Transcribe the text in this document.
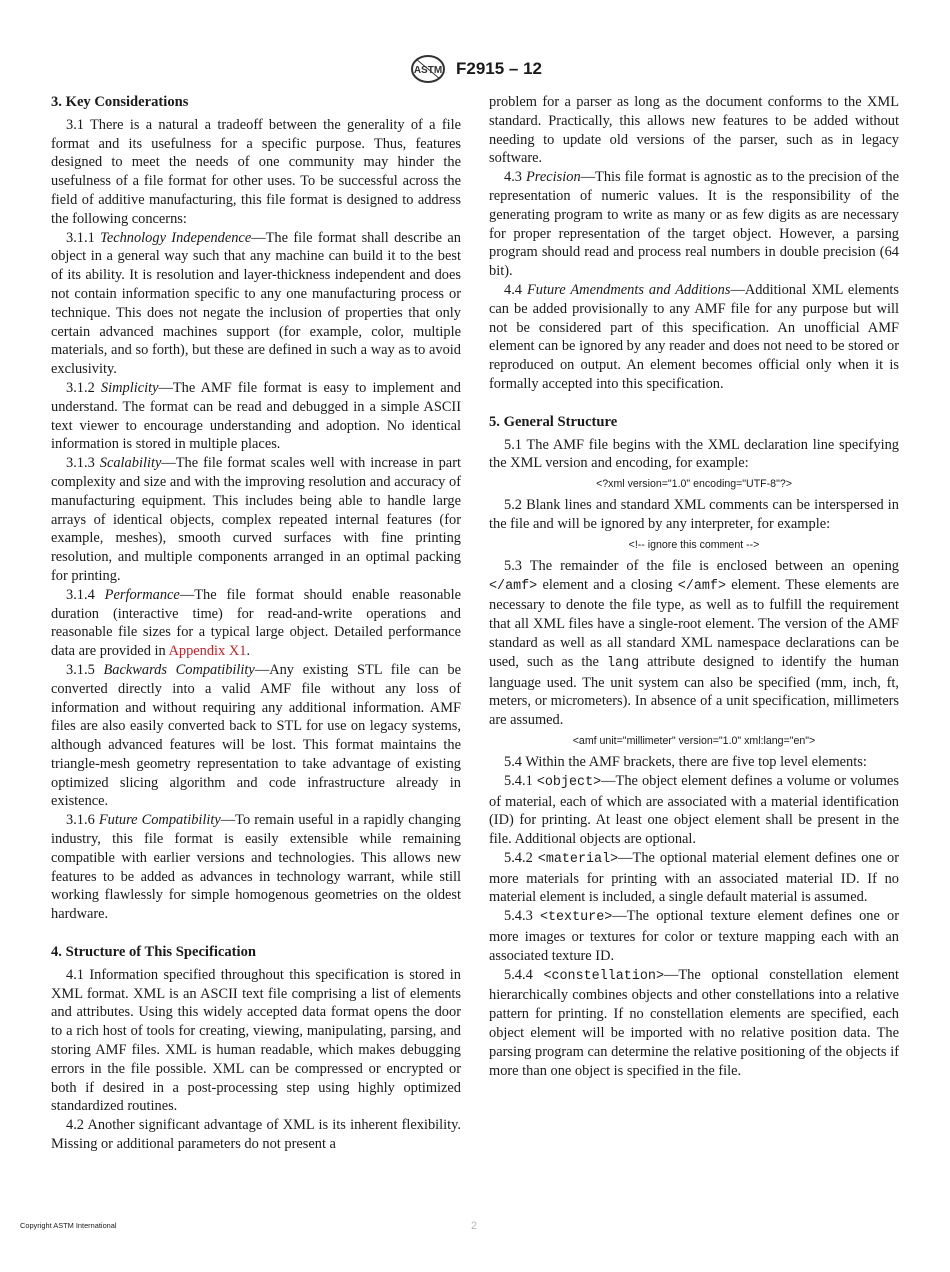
ASTM F2915 – 12
3. Key Considerations

3.1 There is a natural a tradeoff between the generality of a file format and its usefulness for a specific purpose. Thus, features designed to meet the needs of one community may hinder the usefulness of a file format for other uses. To be successful across the field of additive manufacturing, this file format is designed to address the following concerns:

3.1.1 Technology Independence—The file format shall describe an object in a general way such that any machine can build it to the best of its ability. It is resolution and layer-thickness independent and does not contain information specific to any one manufacturing process or technique. This does not negate the inclusion of properties that only certain advanced machines support (for example, color, multiple materials, and so forth), but these are defined in such a way as to avoid exclusivity.

3.1.2 Simplicity—The AMF file format is easy to implement and understand. The format can be read and debugged in a simple ASCII text viewer to encourage understanding and adoption. No identical information is stored in multiple places.

3.1.3 Scalability—The file format scales well with increase in part complexity and size and with the improving resolution and accuracy of manufacturing equipment. This includes being able to handle large arrays of identical objects, complex repeated internal features (for example, meshes), smooth curved surfaces with fine printing resolution, and multiple components arranged in an optimal packing for printing.

3.1.4 Performance—The file format should enable reasonable duration (interactive time) for read-and-write operations and reasonable file sizes for a typical large object. Detailed performance data are provided in Appendix X1.

3.1.5 Backwards Compatibility—Any existing STL file can be converted directly into a valid AMF file without any loss of information and without requiring any additional information. AMF files are also easily converted back to STL for use on legacy systems, although advanced features will be lost. This format maintains the triangle-mesh geometry representation to take advantage of existing optimized slicing algorithm and code infrastructure already in existence.

3.1.6 Future Compatibility—To remain useful in a rapidly changing industry, this file format is easily extensible while remaining compatible with earlier versions and technologies. This allows new features to be added as advances in technology warrant, while still working flawlessly for simple homogenous geometries on the oldest hardware.

4. Structure of This Specification

4.1 Information specified throughout this specification is stored in XML format. XML is an ASCII text file comprising a list of elements and attributes. Using this widely accepted data format opens the door to a rich host of tools for creating, viewing, manipulating, parsing, and storing AMF files. XML is human readable, which makes debugging errors in the file possible. XML can be compressed or encrypted or both if desired in a post-processing step using highly optimized standardized routines.

4.2 Another significant advantage of XML is its inherent flexibility. Missing or additional parameters do not present a

problem for a parser as long as the document conforms to the XML standard. Practically, this allows new features to be added without needing to update old versions of the parser, such as in legacy software.

4.3 Precision—This file format is agnostic as to the precision of the representation of numeric values. It is the responsibility of the generating program to write as many or as few digits as are necessary for proper representation of the target object. However, a parsing program should read and process real numbers in double precision (64 bit).

4.4 Future Amendments and Additions—Additional XML elements can be added provisionally to any AMF file for any purpose but will not be considered part of this specification. An unofficial AMF element can be ignored by any reader and does not need to be stored or reproduced on output. An element becomes official only when it is formally accepted into this specification.

5. General Structure

5.1 The AMF file begins with the XML declaration line specifying the XML version and encoding, for example:

<?xml version="1.0" encoding="UTF-8"?>

5.2 Blank lines and standard XML comments can be interspersed in the file and will be ignored by any interpreter, for example:

<!-- ignore this comment -->

5.3 The remainder of the file is enclosed between an opening </amf> element and a closing </amf> element. These elements are necessary to denote the file type, as well as to fulfill the requirement that all XML files have a single-root element. The version of the AMF standard as well as all standard XML namespace declarations can be used, such as the lang attribute designed to identify the human language used. The unit system can also be specified (mm, inch, ft, meters, or micrometers). In absence of a unit specification, millimeters are assumed.

<amf unit="millimeter" version="1.0" xml:lang="en">

5.4 Within the AMF brackets, there are five top level elements:

5.4.1 <object>—The object element defines a volume or volumes of material, each of which are associated with a material identification (ID) for printing. At least one object element shall be present in the file. Additional objects are optional.

5.4.2 <material>—The optional material element defines one or more materials for printing with an associated material ID. If no material element is included, a single default material is assumed.

5.4.3 <texture>—The optional texture element defines one or more images or textures for color or texture mapping each with an associated texture ID.

5.4.4 <constellation>—The optional constellation element hierarchically combines objects and other constellations into a relative pattern for printing. If no constellation elements are specified, each object element will be imported with no relative position data. The parsing program can determine the relative positioning of the objects if more than one object is specified in the file.

Copyright ASTM International	2
